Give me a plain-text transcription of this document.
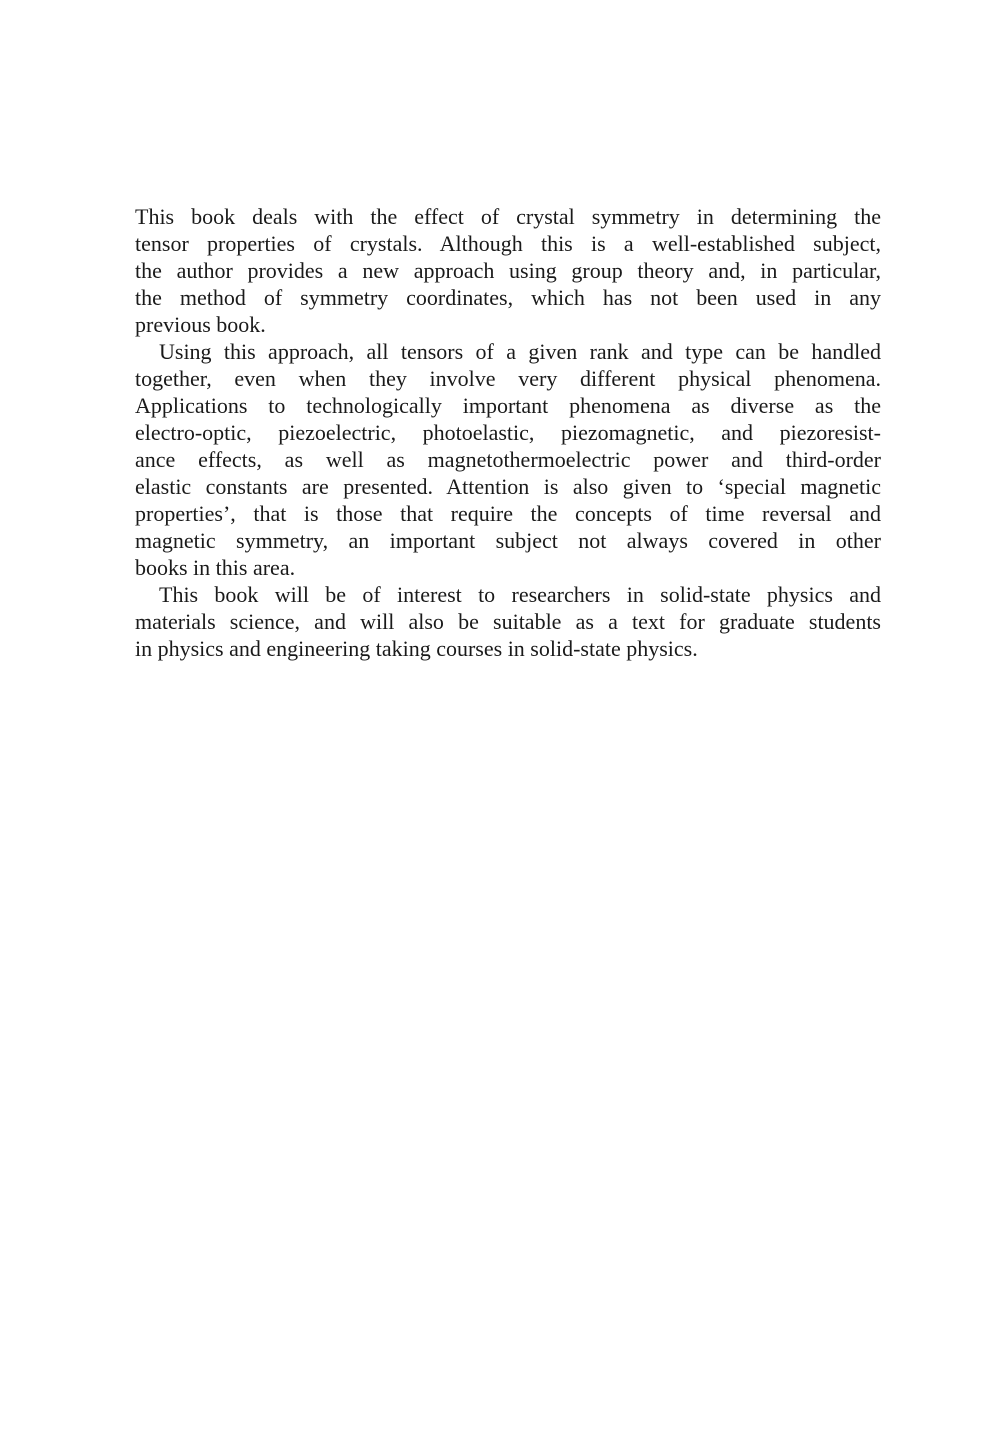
This book deals with the effect of crystal symmetry in determining the
tensor properties of crystals. Although this is a well-established subject,
the author provides a new approach using group theory and, in particular,
the method of symmetry coordinates, which has not been used in any
previous book.

Using this approach, all tensors of a given rank and type can be handled
together, even when they involve very different physical phenomena.
Applications to technologically important phenomena as diverse as the
electro-optic, piezoelectric, photoelastic, piezomagnetic, and piezoresist-
ance effects, as well as magnetothermoelectric power and third-order
elastic constants are presented. Attention is also given to ‘special magnetic
properties’, that is those that require the concepts of time reversal and
magnetic symmetry, an important subject not always covered in other
books in this area.

This book will be of interest to researchers in solid-state physics and
materials science, and will also be suitable as a text for graduate students
in physics and engineering taking courses in solid-state physics.
